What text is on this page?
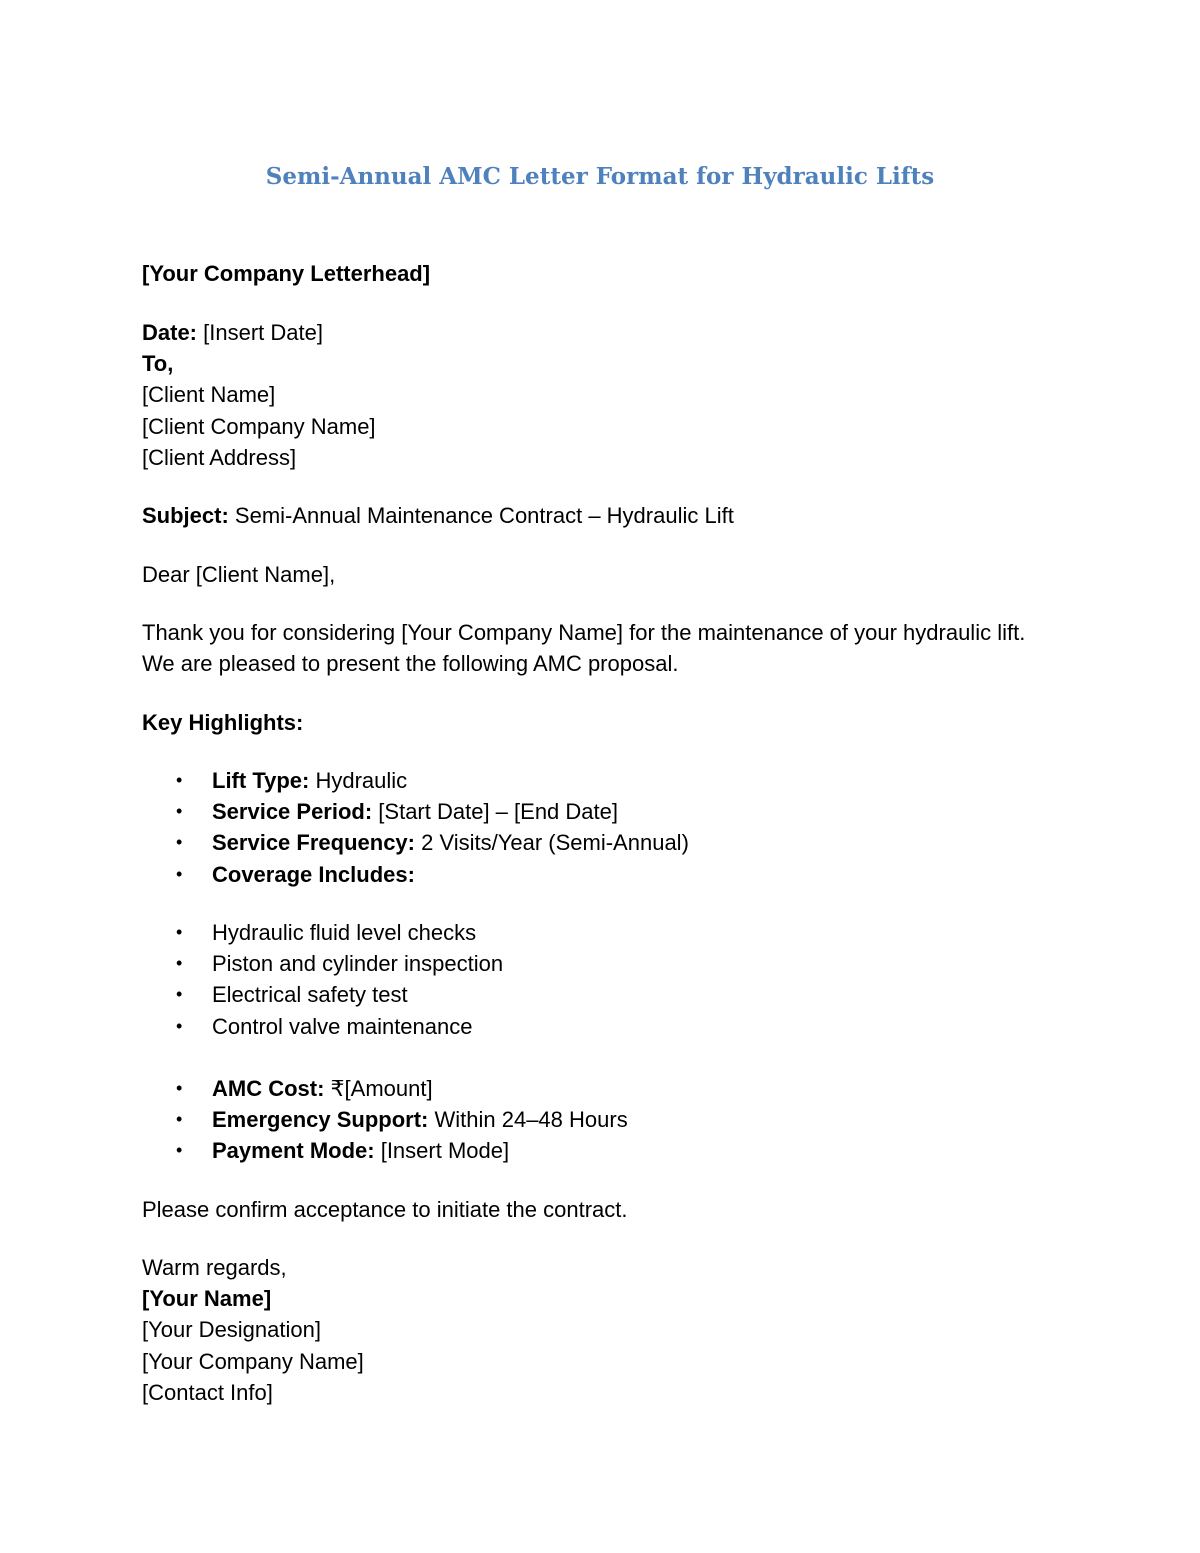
Semi-Annual AMC Letter Format for Hydraulic Lifts
[Your Company Letterhead]
Date: [Insert Date]
To,
[Client Name]
[Client Company Name]
[Client Address]
Subject: Semi-Annual Maintenance Contract – Hydraulic Lift
Dear [Client Name],
Thank you for considering [Your Company Name] for the maintenance of your hydraulic lift. We are pleased to present the following AMC proposal.
Key Highlights:
• Lift Type: Hydraulic
• Service Period: [Start Date] – [End Date]
• Service Frequency: 2 Visits/Year (Semi-Annual)
• Coverage Includes:
• Hydraulic fluid level checks
• Piston and cylinder inspection
• Electrical safety test
• Control valve maintenance
• AMC Cost: ₹[Amount]
• Emergency Support: Within 24–48 Hours
• Payment Mode: [Insert Mode]
Please confirm acceptance to initiate the contract.
Warm regards,
[Your Name]
[Your Designation]
[Your Company Name]
[Contact Info]
